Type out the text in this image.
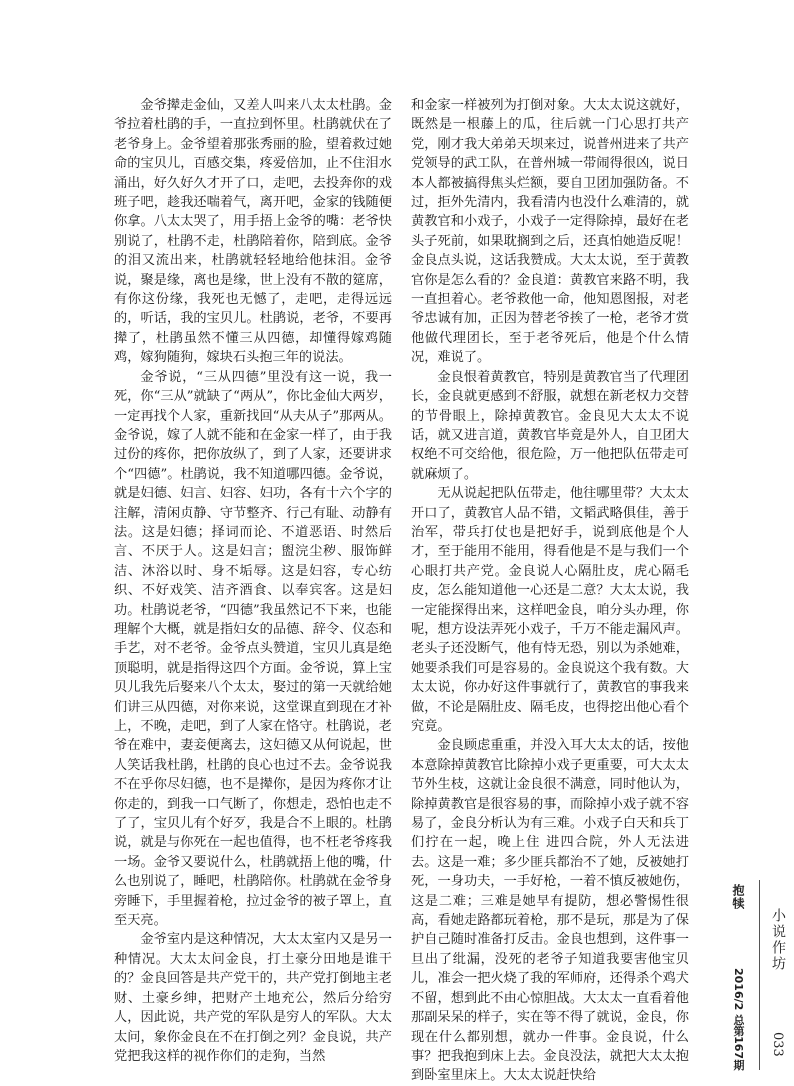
金爷撵走金仙，又差人叫来八太太杜鹃。金爷拉着杜鹃的手，一直拉到怀里。杜鹃就伏在了老爷身上。金爷望着那张秀丽的脸，望着救过她命的宝贝儿，百感交集，疼爱倍加，止不住泪水涌出，好久好久才开了口，走吧，去投奔你的戏班子吧，趁我还喘着气，离开吧，金家的钱随便你拿。八太太哭了，用手捂上金爷的嘴：老爷快别说了，杜鹃不走，杜鹃陪着你，陪到底。金爷的泪又流出来，杜鹃就轻轻地给他抹泪。金爷说，聚是缘，离也是缘，世上没有不散的筵席，有你这份缘，我死也无憾了，走吧，走得远远的，听话，我的宝贝儿。杜鹃说，老爷，不要再撵了，杜鹃虽然不懂三从四德，却懂得嫁鸡随鸡，嫁狗随狗，嫁块石头抱三年的说法。

金爷说，“三从四德”里没有这一说，我一死，你“三从”就缺了“两从”，你比金仙大两岁，一定再找个人家，重新找回“从夫从子”那两从。金爷说，嫁了人就不能和在金家一样了，由于我过份的疼你，把你放纵了，到了人家，还要讲求个“四德”。杜鹃说，我不知道哪四德。金爷说，就是妇德、妇言、妇容、妇功，各有十六个字的注解，清闲贞静、守节整齐、行己有耻、动静有法。这是妇德；择词而论、不道恶语、时然后言、不厌于人。这是妇言；盥浣尘秽、服饰鲜洁、沐浴以时、身不垢辱。这是妇容，专心纺织、不好戏笑、洁齐酒食、以奉宾客。这是妇功。杜鹃说老爷，“四德”我虽然记不下来，也能理解个大概，就是指妇女的品德、辞令、仪态和手艺，对不老爷。金爷点头赞道，宝贝儿真是绝顶聪明，就是指得这四个方面。金爷说，算上宝贝儿我先后娶来八个太太，娶过的第一天就给她们讲三从四德，对你来说，这堂课直到现在才补上，不晚，走吧，到了人家在恪守。杜鹃说，老爷在难中，妻妾便离去，这妇德又从何说起，世人笑话我杜鹃，杜鹃的良心也过不去。金爷说我不在乎你尽妇德，也不是撵你，是因为疼你才让你走的，到我一口气断了，你想走，恐怕也走不了了，宝贝儿有个好歹，我是合不上眼的。杜鹃说，就是与你死在一起也值得，也不枉老爷疼我一场。金爷又要说什么，杜鹃就捂上他的嘴，什么也别说了，睡吧，杜鹃陪你。杜鹃就在金爷身旁睡下，手里握着枪，拉过金爷的被子罩上，直至天亮。

金爷室内是这种情况，大太太室内又是另一种情况。大太太问金良，打土豪分田地是谁干的？金良回答是共产党干的，共产党打倒地主老财、土豪乡绅，把财产土地充公，然后分给穷人，因此说，共产党的军队是穷人的军队。大太太问，象你金良在不在打倒之列？金良说，共产党把我这样的视作你们的走狗，当然

和金家一样被列为打倒对象。大太太说这就好，既然是一根藤上的瓜，往后就一门心思打共产党，刚才我大弟弟天坝来过，说普州进来了共产党领导的武工队，在普州城一带闹得很凶，说日本人都被搞得焦头烂额，要自卫团加强防备。不过，拒外先清内，我看清内也没什么难清的，就黄教官和小戏子，小戏子一定得除掉，最好在老头子死前，如果耽搁到之后，还真怕她造反呢！金良点头说，这话我赞成。大太太说，至于黄教官你是怎么看的？金良道：黄教官来路不明，我一直担着心。老爷救他一命，他知恩图报，对老爷忠诚有加，正因为替老爷挨了一枪，老爷才赏他做代理团长，至于老爷死后，他是个什么情况，难说了。

金良恨着黄教官，特别是黄教官当了代理团长，金良就更感到不舒服，就想在新老权力交替的节骨眼上，除掉黄教官。金良见大太太不说话，就又进言道，黄教官毕竟是外人，自卫团大权绝不可交给他，很危险，万一他把队伍带走可就麻烦了。

无从说起把队伍带走，他往哪里带？大太太开口了，黄教官人品不错，文韬武略俱佳，善于治军，带兵打仗也是把好手，说到底他是个人才，至于能用不能用，得看他是不是与我们一个心眼打共产党。金良说人心隔肚皮，虎心隔毛皮，怎么能知道他一心还是二意？大太太说，我一定能探得出来，这样吧金良，咱分头办理，你呢，想方设法弄死小戏子，千万不能走漏风声。老头子还没断气，他有恃无恐，别以为杀她难，她要杀我们可是容易的。金良说这个我有数。大太太说，你办好这件事就行了，黄教官的事我来做，不论是隔肚皮、隔毛皮，也得挖出他心看个究竟。

金良顾虑重重，并没入耳大太太的话，按他本意除掉黄教官比除掉小戏子更重要，可大太太节外生枝，这就让金良很不满意，同时他认为，除掉黄教官是很容易的事，而除掉小戏子就不容易了，金良分析认为有三难。小戏子白天和兵丁们拧在一起，晚上住 进四合院，外人无法进去。这是一难；多少匪兵都治不了她，反被她打死，一身功夫，一手好枪，一着不慎反被她伤，这是二难；三难是她早有提防，想必警惕性很高，看她走路都玩着枪，那不是玩，那是为了保护自己随时准备打反击。金良也想到，这件事一旦出了纰漏，没死的老爷子知道我要害他宝贝儿，准会一把火烧了我的军师府，还得杀个鸡犬不留，想到此不由心惊胆战。大太太一直看着他那副呆呆的样子，实在等不得了就说，金良，你现在什么都别想，就办一件事。金良说，什么事？把我抱到床上去。金良没法，就把大太太抱到卧室里床上。大太太说赶快给

抱犊
2016/2 总第167期
小说作坊
033
